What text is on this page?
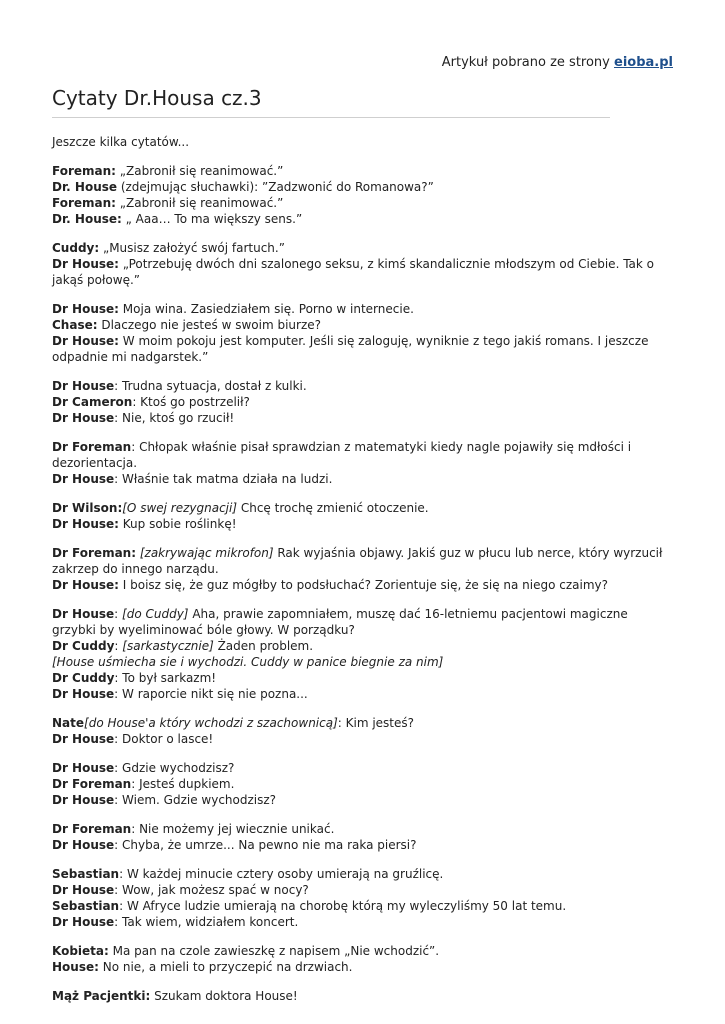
Artykuł pobrano ze strony eioba.pl
Cytaty Dr.Housa cz.3

Jeszcze kilka cytatów...

Foreman: „Zabronił się reanimować.”
Dr. House (zdejmując słuchawki): ”Zadzwonić do Romanowa?”
Foreman: „Zabronił się reanimować.”
Dr. House: „ Aaa… To ma większy sens.”

Cuddy: „Musisz założyć swój fartuch.”
Dr House: „Potrzebuję dwóch dni szalonego seksu, z kimś skandalicznie młodszym od Ciebie. Tak o jakąś połowę.”

Dr House: Moja wina. Zasiedziałem się. Porno w internecie.
Chase: Dlaczego nie jesteś w swoim biurze?
Dr House: W moim pokoju jest komputer. Jeśli się zaloguję, wyniknie z tego jakiś romans. I jeszcze odpadnie mi nadgarstek.”

Dr House: Trudna sytuacja, dostał z kulki.
Dr Cameron: Ktoś go postrzelił?
Dr House: Nie, ktoś go rzucił!

Dr Foreman: Chłopak właśnie pisał sprawdzian z matematyki kiedy nagle pojawiły się mdłości i dezorientacja.
Dr House: Właśnie tak matma działa na ludzi.

Dr Wilson:[O swej rezygnacji] Chcę trochę zmienić otoczenie.
Dr House: Kup sobie roślinkę!

Dr Foreman: [zakrywając mikrofon] Rak wyjaśnia objawy. Jakiś guz w płucu lub nerce, który wyrzucił zakrzep do innego narządu.
Dr House: I boisz się, że guz mógłby to podsłuchać? Zorientuje się, że się na niego czaimy?

Dr House: [do Cuddy] Aha, prawie zapomniałem, muszę dać 16-letniemu pacjentowi magiczne grzybki by wyeliminować bóle głowy. W porządku?
Dr Cuddy: [sarkastycznie] Żaden problem.
[House uśmiecha sie i wychodzi. Cuddy w panice biegnie za nim]
Dr Cuddy: To był sarkazm!
Dr House: W raporcie nikt się nie pozna...

Nate[do House'a który wchodzi z szachownicą]: Kim jesteś?
Dr House: Doktor o lasce!

Dr House: Gdzie wychodzisz?
Dr Foreman: Jesteś dupkiem.
Dr House: Wiem. Gdzie wychodzisz?

Dr Foreman: Nie możemy jej wiecznie unikać.
Dr House: Chyba, że umrze... Na pewno nie ma raka piersi?

Sebastian: W każdej minucie cztery osoby umierają na gruźlicę.
Dr House: Wow, jak możesz spać w nocy?
Sebastian: W Afryce ludzie umierają na chorobę którą my wyleczyliśmy 50 lat temu.
Dr House: Tak wiem, widziałem koncert.

Kobieta: Ma pan na czole zawieszkę z napisem „Nie wchodzić”.
House: No nie, a mieli to przyczepić na drzwiach.

Mąż Pacjentki: Szukam doktora House!
